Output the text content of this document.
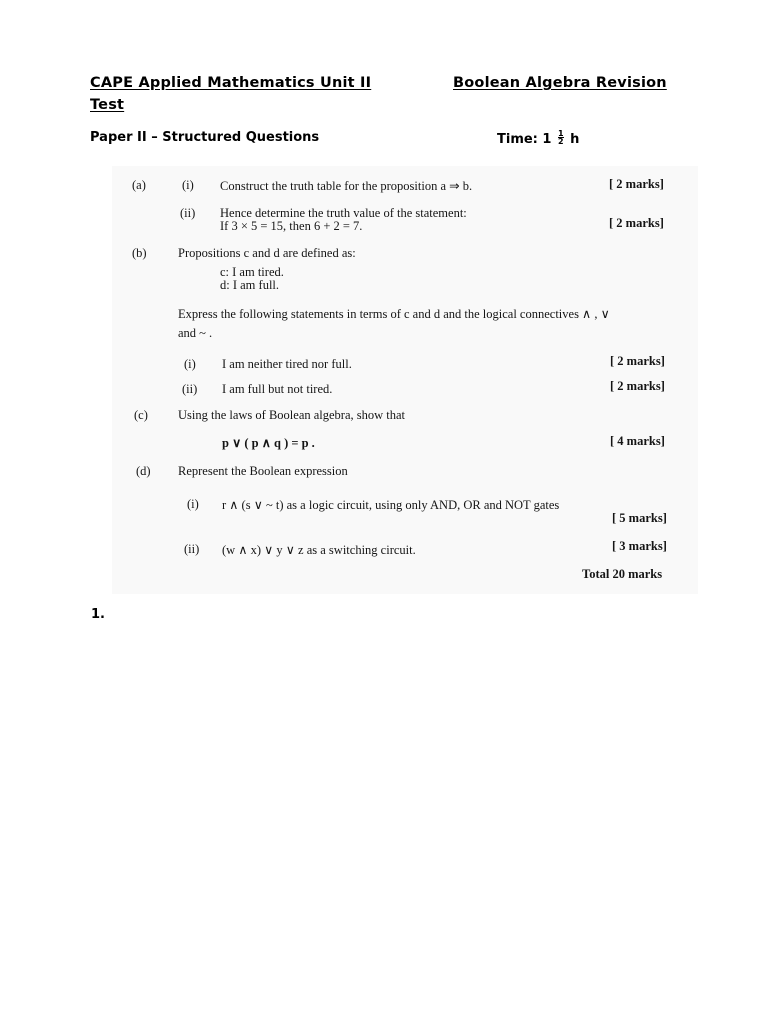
CAPE Applied Mathematics Unit II	Boolean Algebra Revision
Test
Paper II – Structured Questions	Time: $1 \frac{1}{2}$ h
(a)	(i) Construct the truth table for the proposition a ⇒ b.	[ 2 marks]
(ii) Hence determine the truth value of the statement:
If 3 × 5 = 15, then 6 + 2 = 7.	[ 2 marks]
(b)	Propositions c and d are defined as:
c: I am tired.
d: I am full.
Express the following statements in terms of c and d and the logical connectives ∧ , ∨
and ~ .
(i) I am neither tired nor full.	[ 2 marks]
(ii) I am full but not tired.	[ 2 marks]
(c) Using the laws of Boolean algebra, show that
p ∨ ( p ∧ q ) = p .	[ 4 marks]
(d) Represent the Boolean expression
(i) r ∧ (s ∨ ~ t) as a logic circuit, using only AND, OR and NOT gates
[ 5 marks]
(ii) (w ∧ x) ∨ y ∨ z as a switching circuit.	[ 3 marks]
Total 20 marks
1.
